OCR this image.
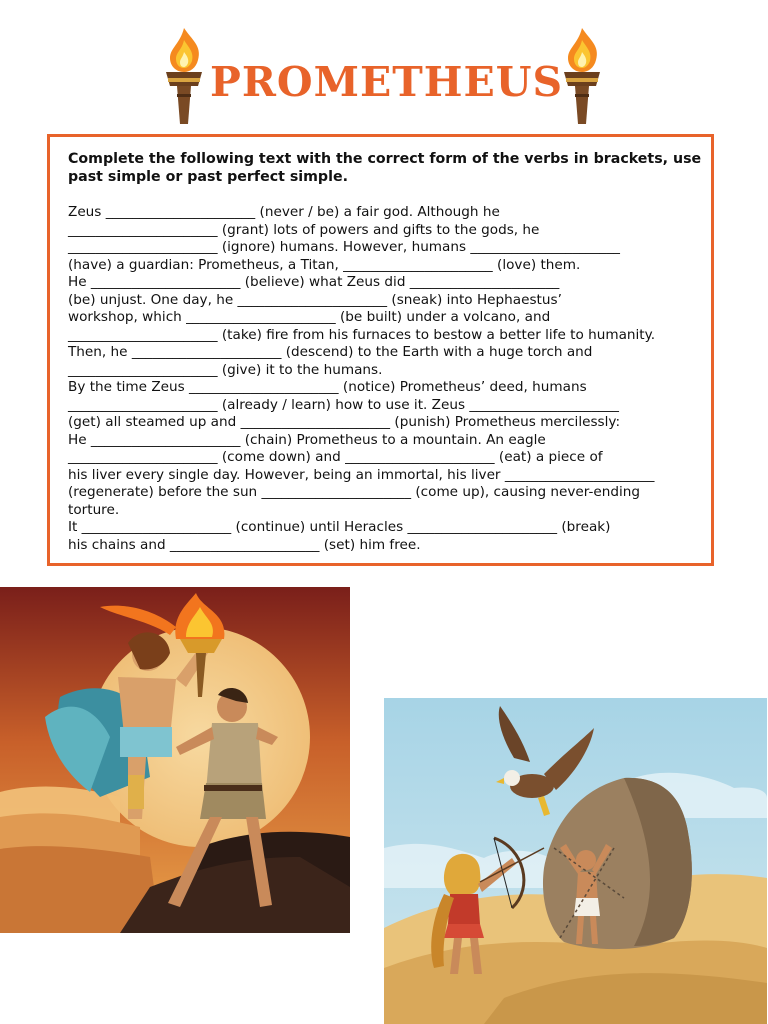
PROMETHEUS

Complete the following text with the correct form of the verbs in brackets, use past simple or past perfect simple.

Zeus ______________________ (never / be) a fair god. Although he
______________________ (grant) lots of powers and gifts to the gods, he
______________________ (ignore) humans. However, humans ______________________
(have) a guardian: Prometheus, a Titan, ______________________ (love) them.
He ______________________ (believe) what Zeus did ______________________
(be) unjust. One day, he ______________________ (sneak) into Hephaestus’
workshop, which ______________________ (be built) under a volcano, and
______________________ (take) fire from his furnaces to bestow a better life to humanity.
Then, he ______________________ (descend) to the Earth with a huge torch and
______________________ (give) it to the humans.
By the time Zeus ______________________ (notice) Prometheus’ deed, humans
______________________ (already / learn) how to use it. Zeus ______________________
(get) all steamed up and ______________________ (punish) Prometheus mercilessly:
He ______________________ (chain) Prometheus to a mountain. An eagle
______________________ (come down) and ______________________ (eat) a piece of
his liver every single day. However, being an immortal, his liver ______________________
(regenerate) before the sun ______________________ (come up), causing never-ending
torture.
It ______________________ (continue) until Heracles ______________________ (break)
his chains and ______________________ (set) him free.
